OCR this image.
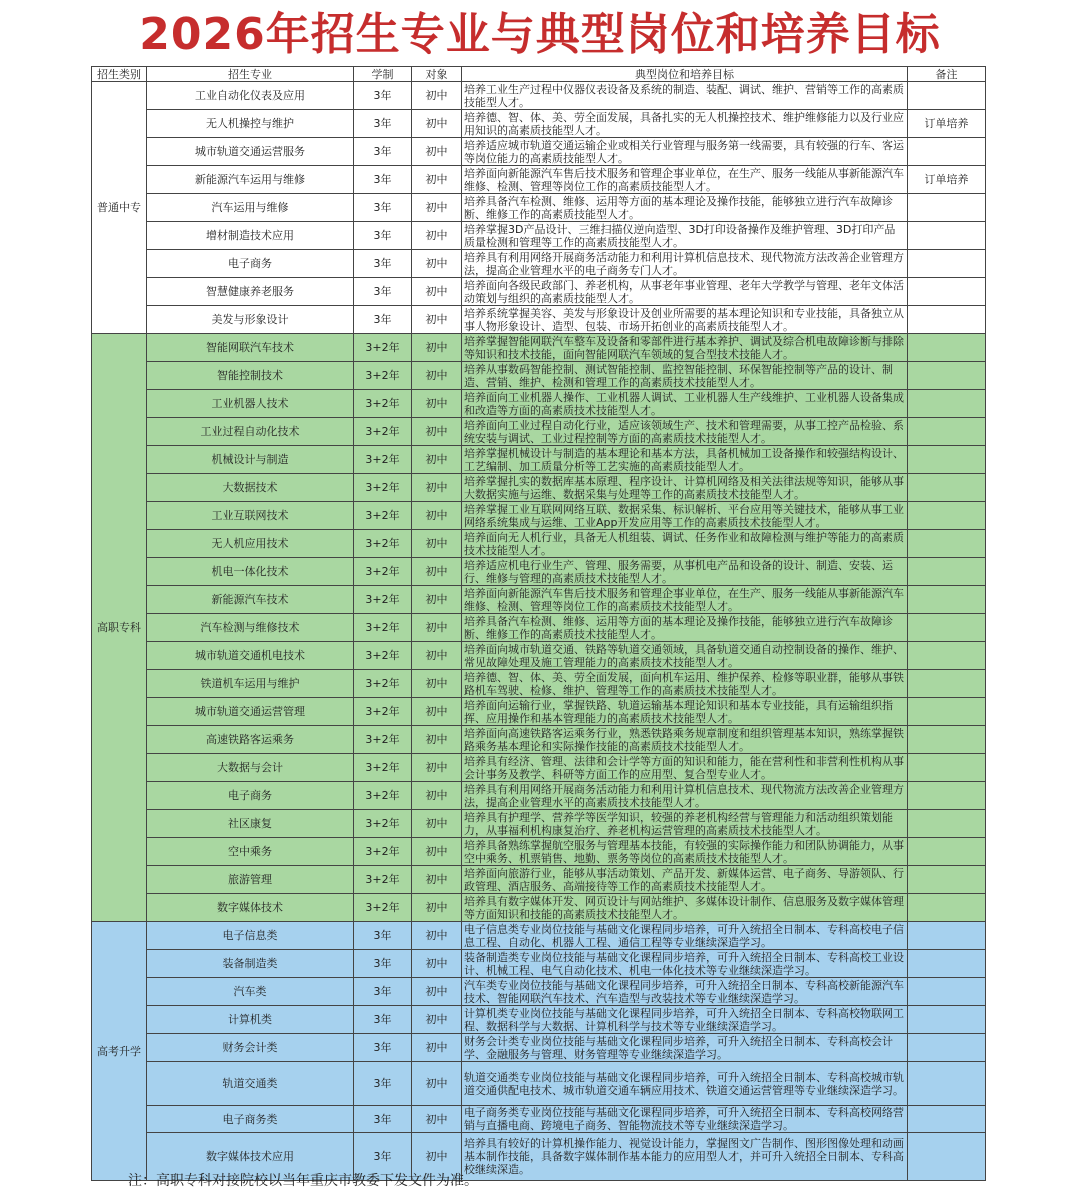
2026年招生专业与典型岗位和培养目标
招生类别	招生专业	学制	对象	典型岗位和培养目标	备注
普通中专	工业自动化仪表及应用	3年	初中	培养工业生产过程中仪器仪表设备及系统的制造、装配、调试、维护、营销等工作的高素质技能型人才。	
	无人机操控与维护	3年	初中	培养德、智、体、美、劳全面发展，具备扎实的无人机操控技术、维护维修能力以及行业应用知识的高素质技能型人才。	订单培养
	城市轨道交通运营服务	3年	初中	培养适应城市轨道交通运输企业或相关行业管理与服务第一线需要，具有较强的行车、客运等岗位能力的高素质技能型人才。	
	新能源汽车运用与维修	3年	初中	培养面向新能源汽车售后技术服务和管理企事业单位，在生产、服务一线能从事新能源汽车维修、检测、管理等岗位工作的高素质技能型人才。	订单培养
	汽车运用与维修	3年	初中	培养具备汽车检测、维修、运用等方面的基本理论及操作技能，能够独立进行汽车故障诊断、维修工作的高素质技能型人才。	
	增材制造技术应用	3年	初中	培养掌握3D产品设计、三维扫描仪逆向造型、3D打印设备操作及维护管理、3D打印产品质量检测和管理等工作的高素质技能型人才。	
	电子商务	3年	初中	培养具有利用网络开展商务活动能力和利用计算机信息技术、现代物流方法改善企业管理方法，提高企业管理水平的电子商务专门人才。	
	智慧健康养老服务	3年	初中	培养面向各级民政部门、养老机构，从事老年事业管理、老年大学教学与管理、老年文体活动策划与组织的高素质技能型人才。	
	美发与形象设计	3年	初中	培养系统掌握美容、美发与形象设计及创业所需要的基本理论知识和专业技能，具备独立从事人物形象设计、造型、包装、市场开拓创业的高素质技能型人才。	
高职专科	智能网联汽车技术	3+2年	初中	培养掌握智能网联汽车整车及设备和零部件进行基本养护、调试及综合机电故障诊断与排除等知识和技术技能，面向智能网联汽车领域的复合型技术技能人才。	
	智能控制技术	3+2年	初中	培养从事数码智能控制、测试智能控制、监控智能控制、环保智能控制等产品的设计、制造、营销、维护、检测和管理工作的高素质技术技能型人才。	
	工业机器人技术	3+2年	初中	培养面向工业机器人操作、工业机器人调试、工业机器人生产线维护、工业机器人设备集成和改造等方面的高素质技术技能型人才。	
	工业过程自动化技术	3+2年	初中	培养面向工业过程自动化行业，适应该领域生产、技术和管理需要，从事工控产品检验、系统安装与调试、工业过程控制等方面的高素质技术技能型人才。	
	机械设计与制造	3+2年	初中	培养掌握机械设计与制造的基本理论和基本方法，具备机械加工设备操作和较强结构设计、工艺编制、加工质量分析等工艺实施的高素质技能型人才。	
	大数据技术	3+2年	初中	培养掌握扎实的数据库基本原理、程序设计、计算机网络及相关法律法规等知识，能够从事大数据实施与运维、数据采集与处理等工作的高素质技术技能型人才。	
	工业互联网技术	3+2年	初中	培养掌握工业互联网网络互联、数据采集、标识解析、平台应用等关键技术，能够从事工业网络系统集成与运维、工业App开发应用等工作的高素质技术技能型人才。	
	无人机应用技术	3+2年	初中	培养面向无人机行业，具备无人机组装、调试、任务作业和故障检测与维护等能力的高素质技术技能型人才。	
	机电一体化技术	3+2年	初中	培养适应机电行业生产、管理、服务需要，从事机电产品和设备的设计、制造、安装、运行、维修与管理的高素质技术技能型人才。	
	新能源汽车技术	3+2年	初中	培养面向新能源汽车售后技术服务和管理企事业单位，在生产、服务一线能从事新能源汽车维修、检测、管理等岗位工作的高素质技术技能型人才。	
	汽车检测与维修技术	3+2年	初中	培养具备汽车检测、维修、运用等方面的基本理论及操作技能，能够独立进行汽车故障诊断、维修工作的高素质技术技能型人才。	
	城市轨道交通机电技术	3+2年	初中	培养面向城市轨道交通、铁路等轨道交通领域，具备轨道交通自动控制设备的操作、维护、常见故障处理及施工管理能力的高素质技术技能型人才。	
	铁道机车运用与维护	3+2年	初中	培养德、智、体、美、劳全面发展，面向机车运用、维护保养、检修等职业群，能够从事铁路机车驾驶、检修、维护、管理等工作的高素质技术技能型人才。	
	城市轨道交通运营管理	3+2年	初中	培养面向运输行业，掌握铁路、轨道运输基本理论知识和基本专业技能，具有运输组织指挥、应用操作和基本管理能力的高素质技术技能型人才。	
	高速铁路客运乘务	3+2年	初中	培养面向高速铁路客运乘务行业，熟悉铁路乘务规章制度和组织管理基本知识，熟练掌握铁路乘务基本理论和实际操作技能的高素质技术技能型人才。	
	大数据与会计	3+2年	初中	培养具有经济、管理、法律和会计学等方面的知识和能力，能在营利性和非营利性机构从事会计事务及教学、科研等方面工作的应用型、复合型专业人才。	
	电子商务	3+2年	初中	培养具有利用网络开展商务活动能力和利用计算机信息技术、现代物流方法改善企业管理方法，提高企业管理水平的高素质技术技能型人才。	
	社区康复	3+2年	初中	培养具有护理学、营养学等医学知识，较强的养老机构经营与管理能力和活动组织策划能力，从事福利机构康复治疗、养老机构运营管理的高素质技术技能型人才。	
	空中乘务	3+2年	初中	培养具备熟练掌握航空服务与管理基本技能，有较强的实际操作能力和团队协调能力，从事空中乘务、机票销售、地勤、票务等岗位的高素质技术技能型人才。	
	旅游管理	3+2年	初中	培养面向旅游行业，能够从事活动策划、产品开发、新媒体运营、电子商务、导游领队、行政管理、酒店服务、高端接待等工作的高素质技术技能型人才。	
	数字媒体技术	3+2年	初中	培养具有数字媒体开发、网页设计与网站维护、多媒体设计制作、信息服务及数字媒体管理等方面知识和技能的高素质技术技能型人才。	
高考升学	电子信息类	3年	初中	电子信息类专业岗位技能与基础文化课程同步培养，可升入统招全日制本、专科高校电子信息工程、自动化、机器人工程、通信工程等专业继续深造学习。	
	装备制造类	3年	初中	装备制造类专业岗位技能与基础文化课程同步培养，可升入统招全日制本、专科高校工业设计、机械工程、电气自动化技术、机电一体化技术等专业继续深造学习。	
	汽车类	3年	初中	汽车类专业岗位技能与基础文化课程同步培养，可升入统招全日制本、专科高校新能源汽车技术、智能网联汽车技术、汽车造型与改装技术等专业继续深造学习。	
	计算机类	3年	初中	计算机类专业岗位技能与基础文化课程同步培养，可升入统招全日制本、专科高校物联网工程、数据科学与大数据、计算机科学与技术等专业继续深造学习。	
	财务会计类	3年	初中	财务会计类专业岗位技能与基础文化课程同步培养，可升入统招全日制本、专科高校会计学、金融服务与管理、财务管理等专业继续深造学习。	
	轨道交通类	3年	初中	轨道交通类专业岗位技能与基础文化课程同步培养，可升入统招全日制本、专科高校城市轨道交通供配电技术、城市轨道交通车辆应用技术、铁道交通运营管理等专业继续深造学习。	
	电子商务类	3年	初中	电子商务类专业岗位技能与基础文化课程同步培养，可升入统招全日制本、专科高校网络营销与直播电商、跨境电子商务、智能物流技术等专业继续深造学习。	
	数字媒体技术应用	3年	初中	培养具有较好的计算机操作能力、视觉设计能力，掌握图文广告制作、图形图像处理和动画基本制作技能，具备数字媒体制作基本能力的应用型人才，并可升入统招全日制本、专科高校继续深造。	
注：高职专科对接院校以当年重庆市教委下发文件为准。
